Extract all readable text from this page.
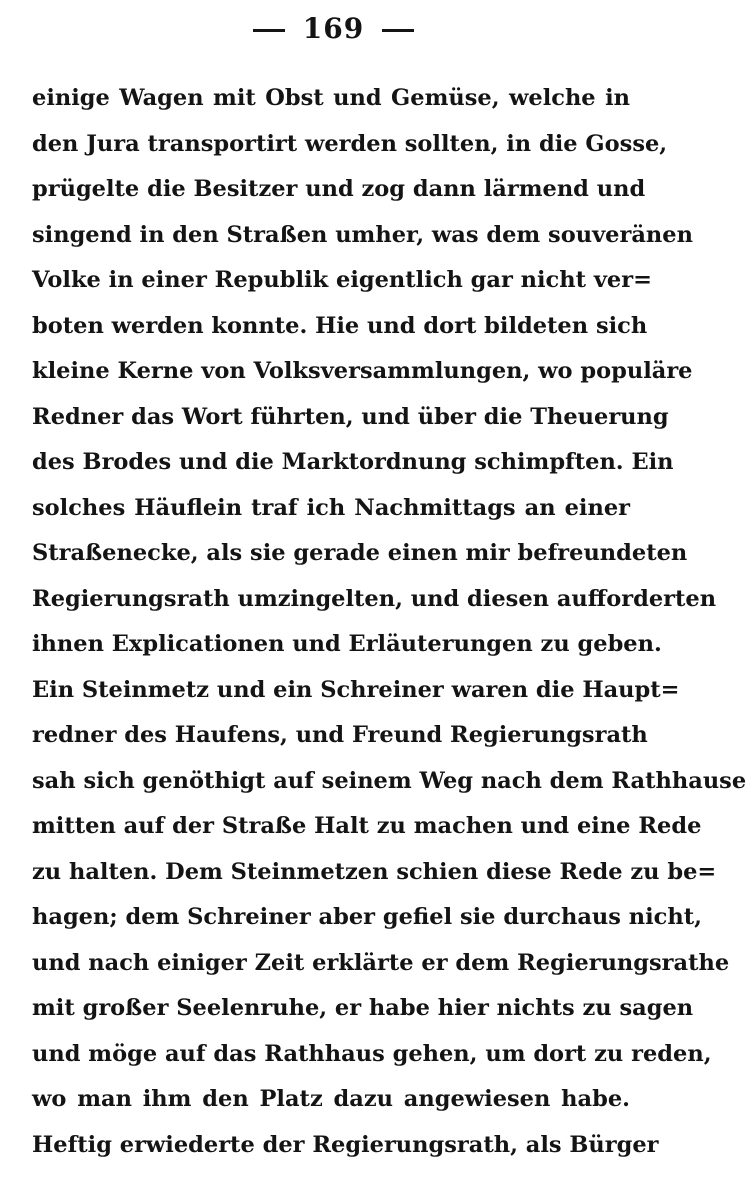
169
einige Wagen mit Obst und Gemüse, welche in
den Jura transportirt werden sollten, in die Gosse,
prügelte die Besitzer und zog dann lärmend und
singend in den Straßen umher, was dem souveränen
Volke in einer Republik eigentlich gar nicht ver=
boten werden konnte. Hie und dort bildeten sich
kleine Kerne von Volksversammlungen, wo populäre
Redner das Wort führten, und über die Theuerung
des Brodes und die Marktordnung schimpften. Ein
solches Häuflein traf ich Nachmittags an einer
Straßenecke, als sie gerade einen mir befreundeten
Regierungsrath umzingelten, und diesen aufforderten
ihnen Explicationen und Erläuterungen zu geben.
Ein Steinmetz und ein Schreiner waren die Haupt=
redner des Haufens, und Freund Regierungsrath
sah sich genöthigt auf seinem Weg nach dem Rathhause
mitten auf der Straße Halt zu machen und eine Rede
zu halten. Dem Steinmetzen schien diese Rede zu be=
hagen; dem Schreiner aber gefiel sie durchaus nicht,
und nach einiger Zeit erklärte er dem Regierungsrathe
mit großer Seelenruhe, er habe hier nichts zu sagen
und möge auf das Rathhaus gehen, um dort zu reden,
wo man ihm den Platz dazu angewiesen habe.
Heftig erwiederte der Regierungsrath, als Bürger
